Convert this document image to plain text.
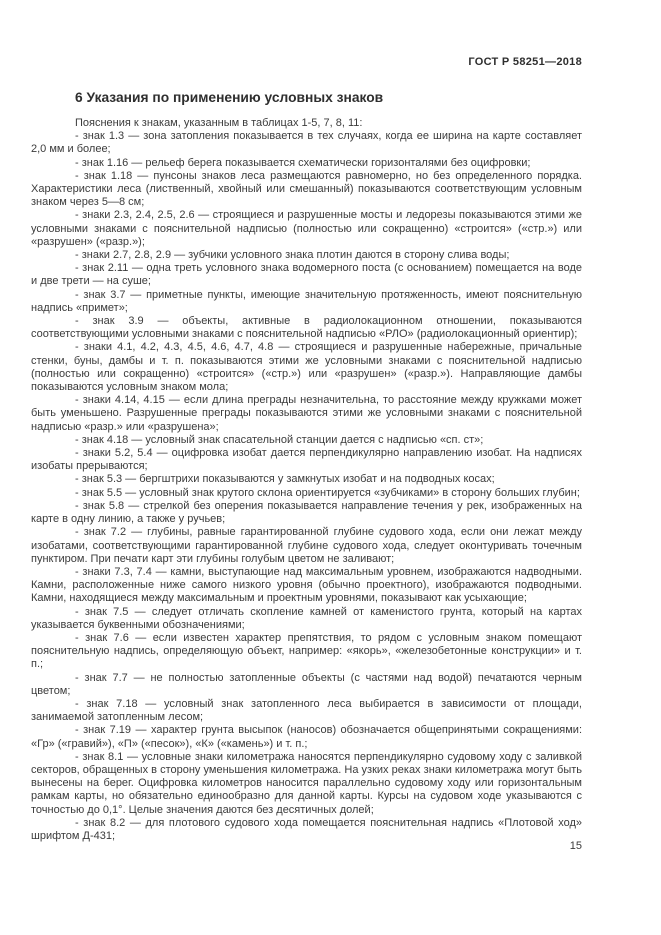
ГОСТ Р 58251—2018
6 Указания по применению условных знаков

Пояснения к знакам, указанным в таблицах 1-5, 7, 8, 11:

- знак 1.3 — зона затопления показывается в тех случаях, когда ее ширина на карте составляет 2,0 мм и более;

- знак 1.16 — рельеф берега показывается схематически горизонталями без оцифровки;

- знак 1.18 — пунсоны знаков леса размещаются равномерно, но без определенного порядка. Характеристики леса (лиственный, хвойный или смешанный) показываются соответствующим условным знаком через 5—8 см;

- знаки 2.3, 2.4, 2.5, 2.6 — строящиеся и разрушенные мосты и ледорезы показываются этими же условными знаками с пояснительной надписью (полностью или сокращенно) «строится» («стр.») или «разрушен» («разр.»);

- знаки 2.7, 2.8, 2.9 — зубчики условного знака плотин даются в сторону слива воды;

- знак 2.11 — одна треть условного знака водомерного поста (с основанием) помещается на воде и две трети — на суше;

- знак 3.7 — приметные пункты, имеющие значительную протяженность, имеют пояснительную надпись «примет»;

- знак 3.9 — объекты, активные в радиолокационном отношении, показываются соответствующими условными знаками с пояснительной надписью «РЛО» (радиолокационный ориентир);

- знаки 4.1, 4.2, 4.3, 4.5, 4.6, 4.7, 4.8 — строящиеся и разрушенные набережные, причальные стенки, буны, дамбы и т. п. показываются этими же условными знаками с пояснительной надписью (полностью или сокращенно) «строится» («стр.») или «разрушен» («разр.»). Направляющие дамбы показываются условным знаком мола;

- знаки 4.14, 4.15 — если длина преграды незначительна, то расстояние между кружками может быть уменьшено. Разрушенные преграды показываются этими же условными знаками с пояснительной надписью «разр.» или «разрушена»;

- знак 4.18 — условный знак спасательной станции дается с надписью «сп. ст»;

- знаки 5.2, 5.4 — оцифровка изобат дается перпендикулярно направлению изобат. На надписях изобаты прерываются;

- знак 5.3 — бергштрихи показываются у замкнутых изобат и на подводных косах;

- знак 5.5 — условный знак крутого склона ориентируется «зубчиками» в сторону больших глубин;

- знак 5.8 — стрелкой без оперения показывается направление течения у рек, изображенных на карте в одну линию, а также у ручьев;

- знак 7.2 — глубины, равные гарантированной глубине судового хода, если они лежат между изобатами, соответствующими гарантированной глубине судового хода, следует оконтуривать точечным пунктиром. При печати карт эти глубины голубым цветом не заливают;

- знаки 7.3, 7.4 — камни, выступающие над максимальным уровнем, изображаются надводными. Камни, расположенные ниже самого низкого уровня (обычно проектного), изображаются подводными. Камни, находящиеся между максимальным и проектным уровнями, показывают как усыхающие;

- знак 7.5 — следует отличать скопление камней от каменистого грунта, который на картах указывается буквенными обозначениями;

- знак 7.6 — если известен характер препятствия, то рядом с условным знаком помещают пояснительную надпись, определяющую объект, например: «якорь», «железобетонные конструкции» и т. п.;

- знак 7.7 — не полностью затопленные объекты (с частями над водой) печатаются черным цветом;

- знак 7.18 — условный знак затопленного леса выбирается в зависимости от площади, занимаемой затопленным лесом;

- знак 7.19 — характер грунта высыпок (наносов) обозначается общепринятыми сокращениями: «Гр» («гравий»), «П» («песок»), «К» («камень») и т. п.;

- знак 8.1 — условные знаки километража наносятся перпендикулярно судовому ходу с заливкой секторов, обращенных в сторону уменьшения километража. На узких реках знаки километража могут быть вынесены на берег. Оцифровка километров наносится параллельно судовому ходу или горизонтальным рамкам карты, но обязательно единообразно для данной карты. Курсы на судовом ходе указываются с точностью до 0,1°. Целые значения даются без десятичных долей;

- знак 8.2 — для плотового судового хода помещается пояснительная надпись «Плотовой ход» шрифтом Д-431;

15
